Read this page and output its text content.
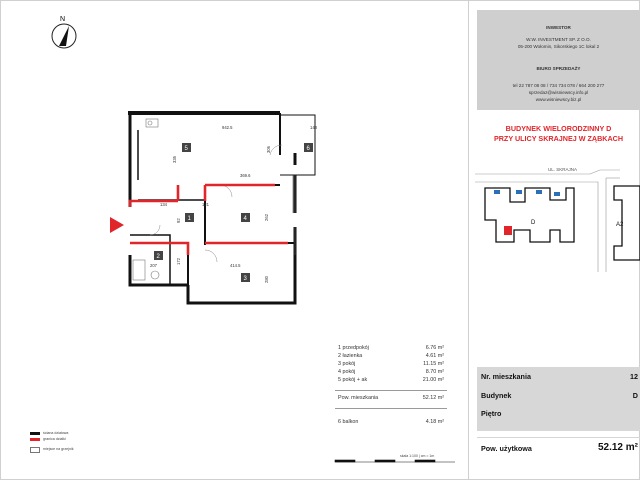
N
5	6
1	4
2
3
942.5	143
369.6
134	121
207	414.5
335
306
262
172
280
92
1 przedpokój	6.76 m²
2 łazienka	4.61 m²
3 pokój	11.15 m²
4 pokój	8.70 m²
5 pokój + ak	21.00 m²
Pow. mieszkania	52.12 m²
6 balkon	4.18 m²
ściana działowa
granica działki
miejsce na grzejnik
skala 1:100 | cm = 1m
INWESTOR
W.W. INVESTMENT SP. Z O.O.
05-200 Wołomin, Sikorskiego 1C lokal 2
BIURO SPRZEDAŻY
tel 22 787 08 08 / 734 734 078 / 664 200 277
sprzedaz@wisniewscy.info.pl
www.wisniewscy.biz.pl
BUDYNEK WIELORODZINNY D
PRZY ULICY SKRAJNEJ W ZĄBKACH
UL. SKRAJNA
D	A2
Nr. mieszkania	12
Budynek	D
Piętro
Pow. użytkowa	52.12 m²
